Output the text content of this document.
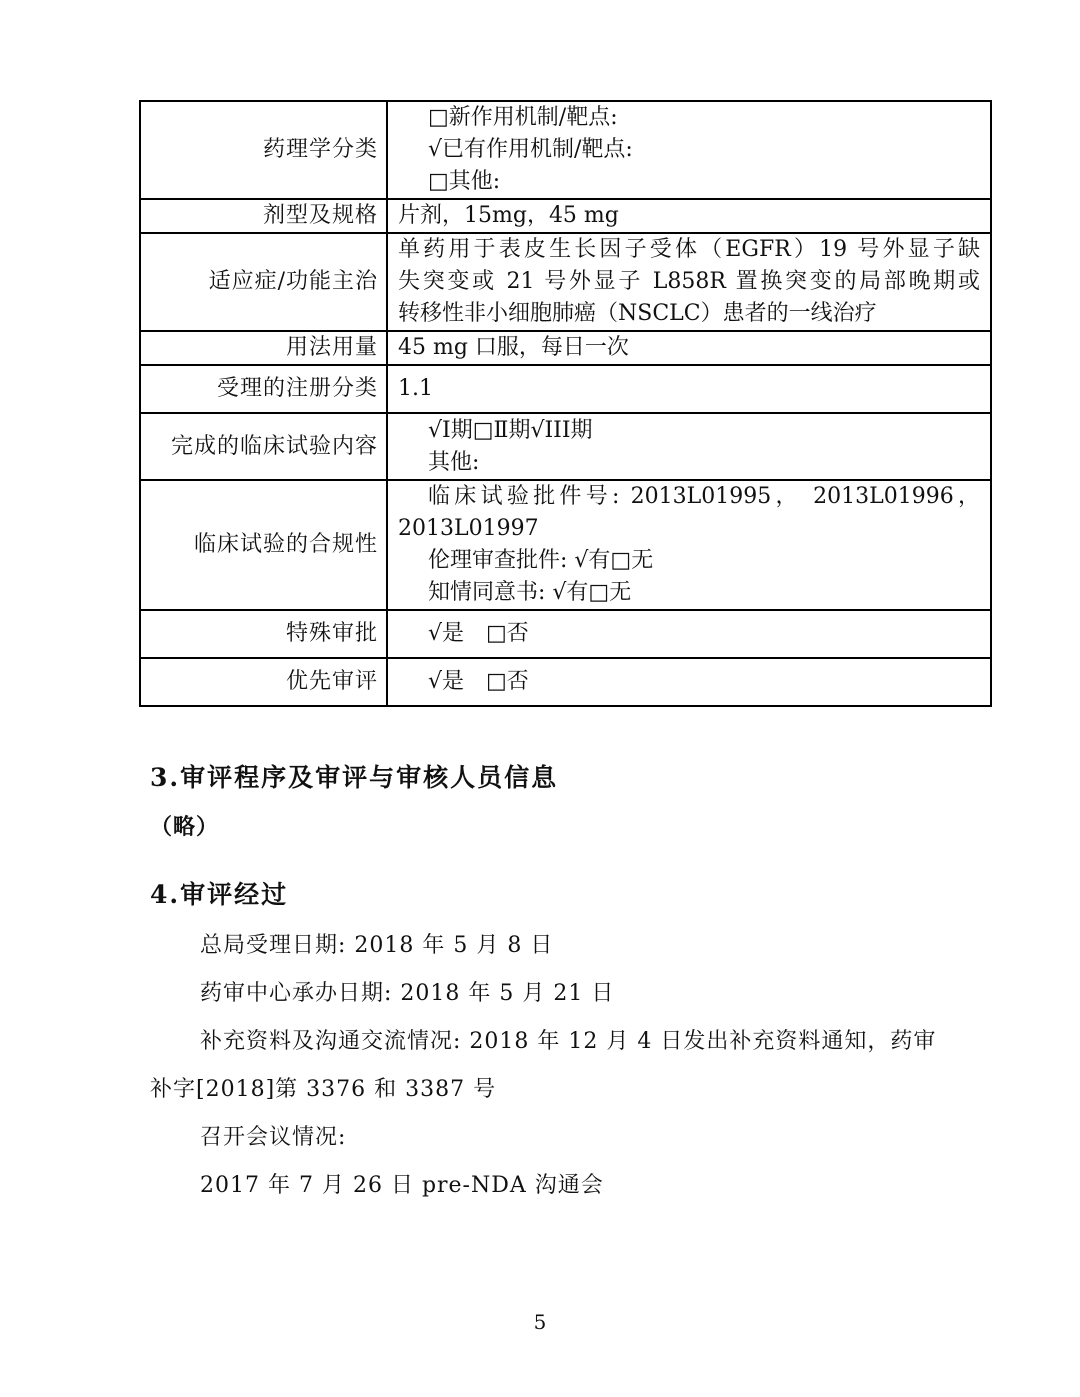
药理学分类	□新作用机制/靶点:
√已有作用机制/靶点:
□其他:

剂型及规格	片剂，15mg，45 mg
适应症/功能主治	单药用于表皮生长因子受体（EGFR）19 号外显子缺
失突变或 21 号外显子 L858R 置换突变的局部晚期或
转移性非小细胞肺癌（NSCLC）患者的一线治疗

用法用量	45 mg 口服，每日一次
受理的注册分类	1.1
完成的临床试验内容	√Ⅰ期□Ⅱ期√III期
其他:

临床试验的合规性	临床试验批件号: 2013L01995， 2013L01996，
2013L01997
伦理审查批件: √有□无
知情同意书: √有□无

特殊审批	√是　□否

优先审评	√是　□否
3.审评程序及审评与审核人员信息
（略）
4.审评经过
总局受理日期: 2018 年 5 月 8 日
药审中心承办日期: 2018 年 5 月 21 日
补充资料及沟通交流情况: 2018 年 12 月 4 日发出补充资料通知，药审
补字[2018]第 3376 和 3387 号
召开会议情况:
2017 年 7 月 26 日 pre-NDA 沟通会
5
